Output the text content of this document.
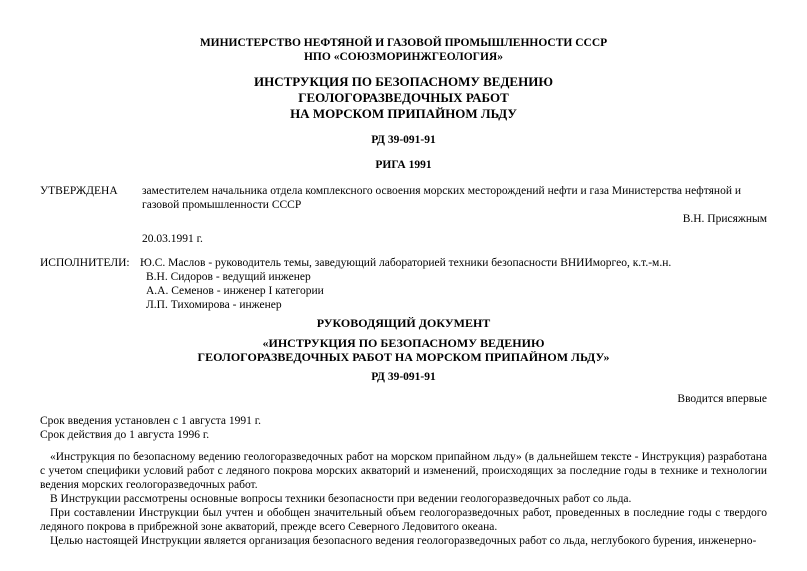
МИНИСТЕРСТВО НЕФТЯНОЙ И ГАЗОВОЙ ПРОМЫШЛЕННОСТИ СССР
НПО «СОЮЗМОРИНЖГЕОЛОГИЯ»
ИНСТРУКЦИЯ ПО БЕЗОПАСНОМУ ВЕДЕНИЮ
ГЕОЛОГОРАЗВЕДОЧНЫХ РАБОТ
НА МОРСКОМ ПРИПАЙНОМ ЛЬДУ
РД 39-091-91
РИГА 1991
УТВЕРЖДЕНА	заместителем начальника отдела комплексного освоения морских месторождений нефти и газа Министерства нефтяной и газовой промышленности СССР
В.Н. Присяжным
20.03.1991 г.
ИСПОЛНИТЕЛИ: Ю.С. Маслов - руководитель темы, заведующий лабораторией техники безопасности ВНИИморгео, к.т.-м.н.
В.Н. Сидоров - ведущий инженер
А.А. Семенов - инженер I категории
Л.П. Тихомирова - инженер
РУКОВОДЯЩИЙ ДОКУМЕНТ
«ИНСТРУКЦИЯ ПО БЕЗОПАСНОМУ ВЕДЕНИЮ
ГЕОЛОГОРАЗВЕДОЧНЫХ РАБОТ НА МОРСКОМ ПРИПАЙНОМ ЛЬДУ»
РД 39-091-91
Вводится впервые
Срок введения установлен с 1 августа 1991 г.
Срок действия до 1 августа 1996 г.

«Инструкция по безопасному ведению геологоразведочных работ на морском припайном льду» (в дальнейшем тексте - Инструкция) разработана с учетом специфики условий работ с ледяного покрова морских акваторий и изменений, происходящих за последние годы в технике и технологии ведения морских геологоразведочных работ.

В Инструкции рассмотрены основные вопросы техники безопасности при ведении геологоразведочных работ со льда.

При составлении Инструкции был учтен и обобщен значительный объем геологоразведочных работ, проведенных в последние годы с твердого ледяного покрова в прибрежной зоне акваторий, прежде всего Северного Ледовитого океана.

Целью настоящей Инструкции является организация безопасного ведения геологоразведочных работ со льда, неглубокого бурения, инженерно-
